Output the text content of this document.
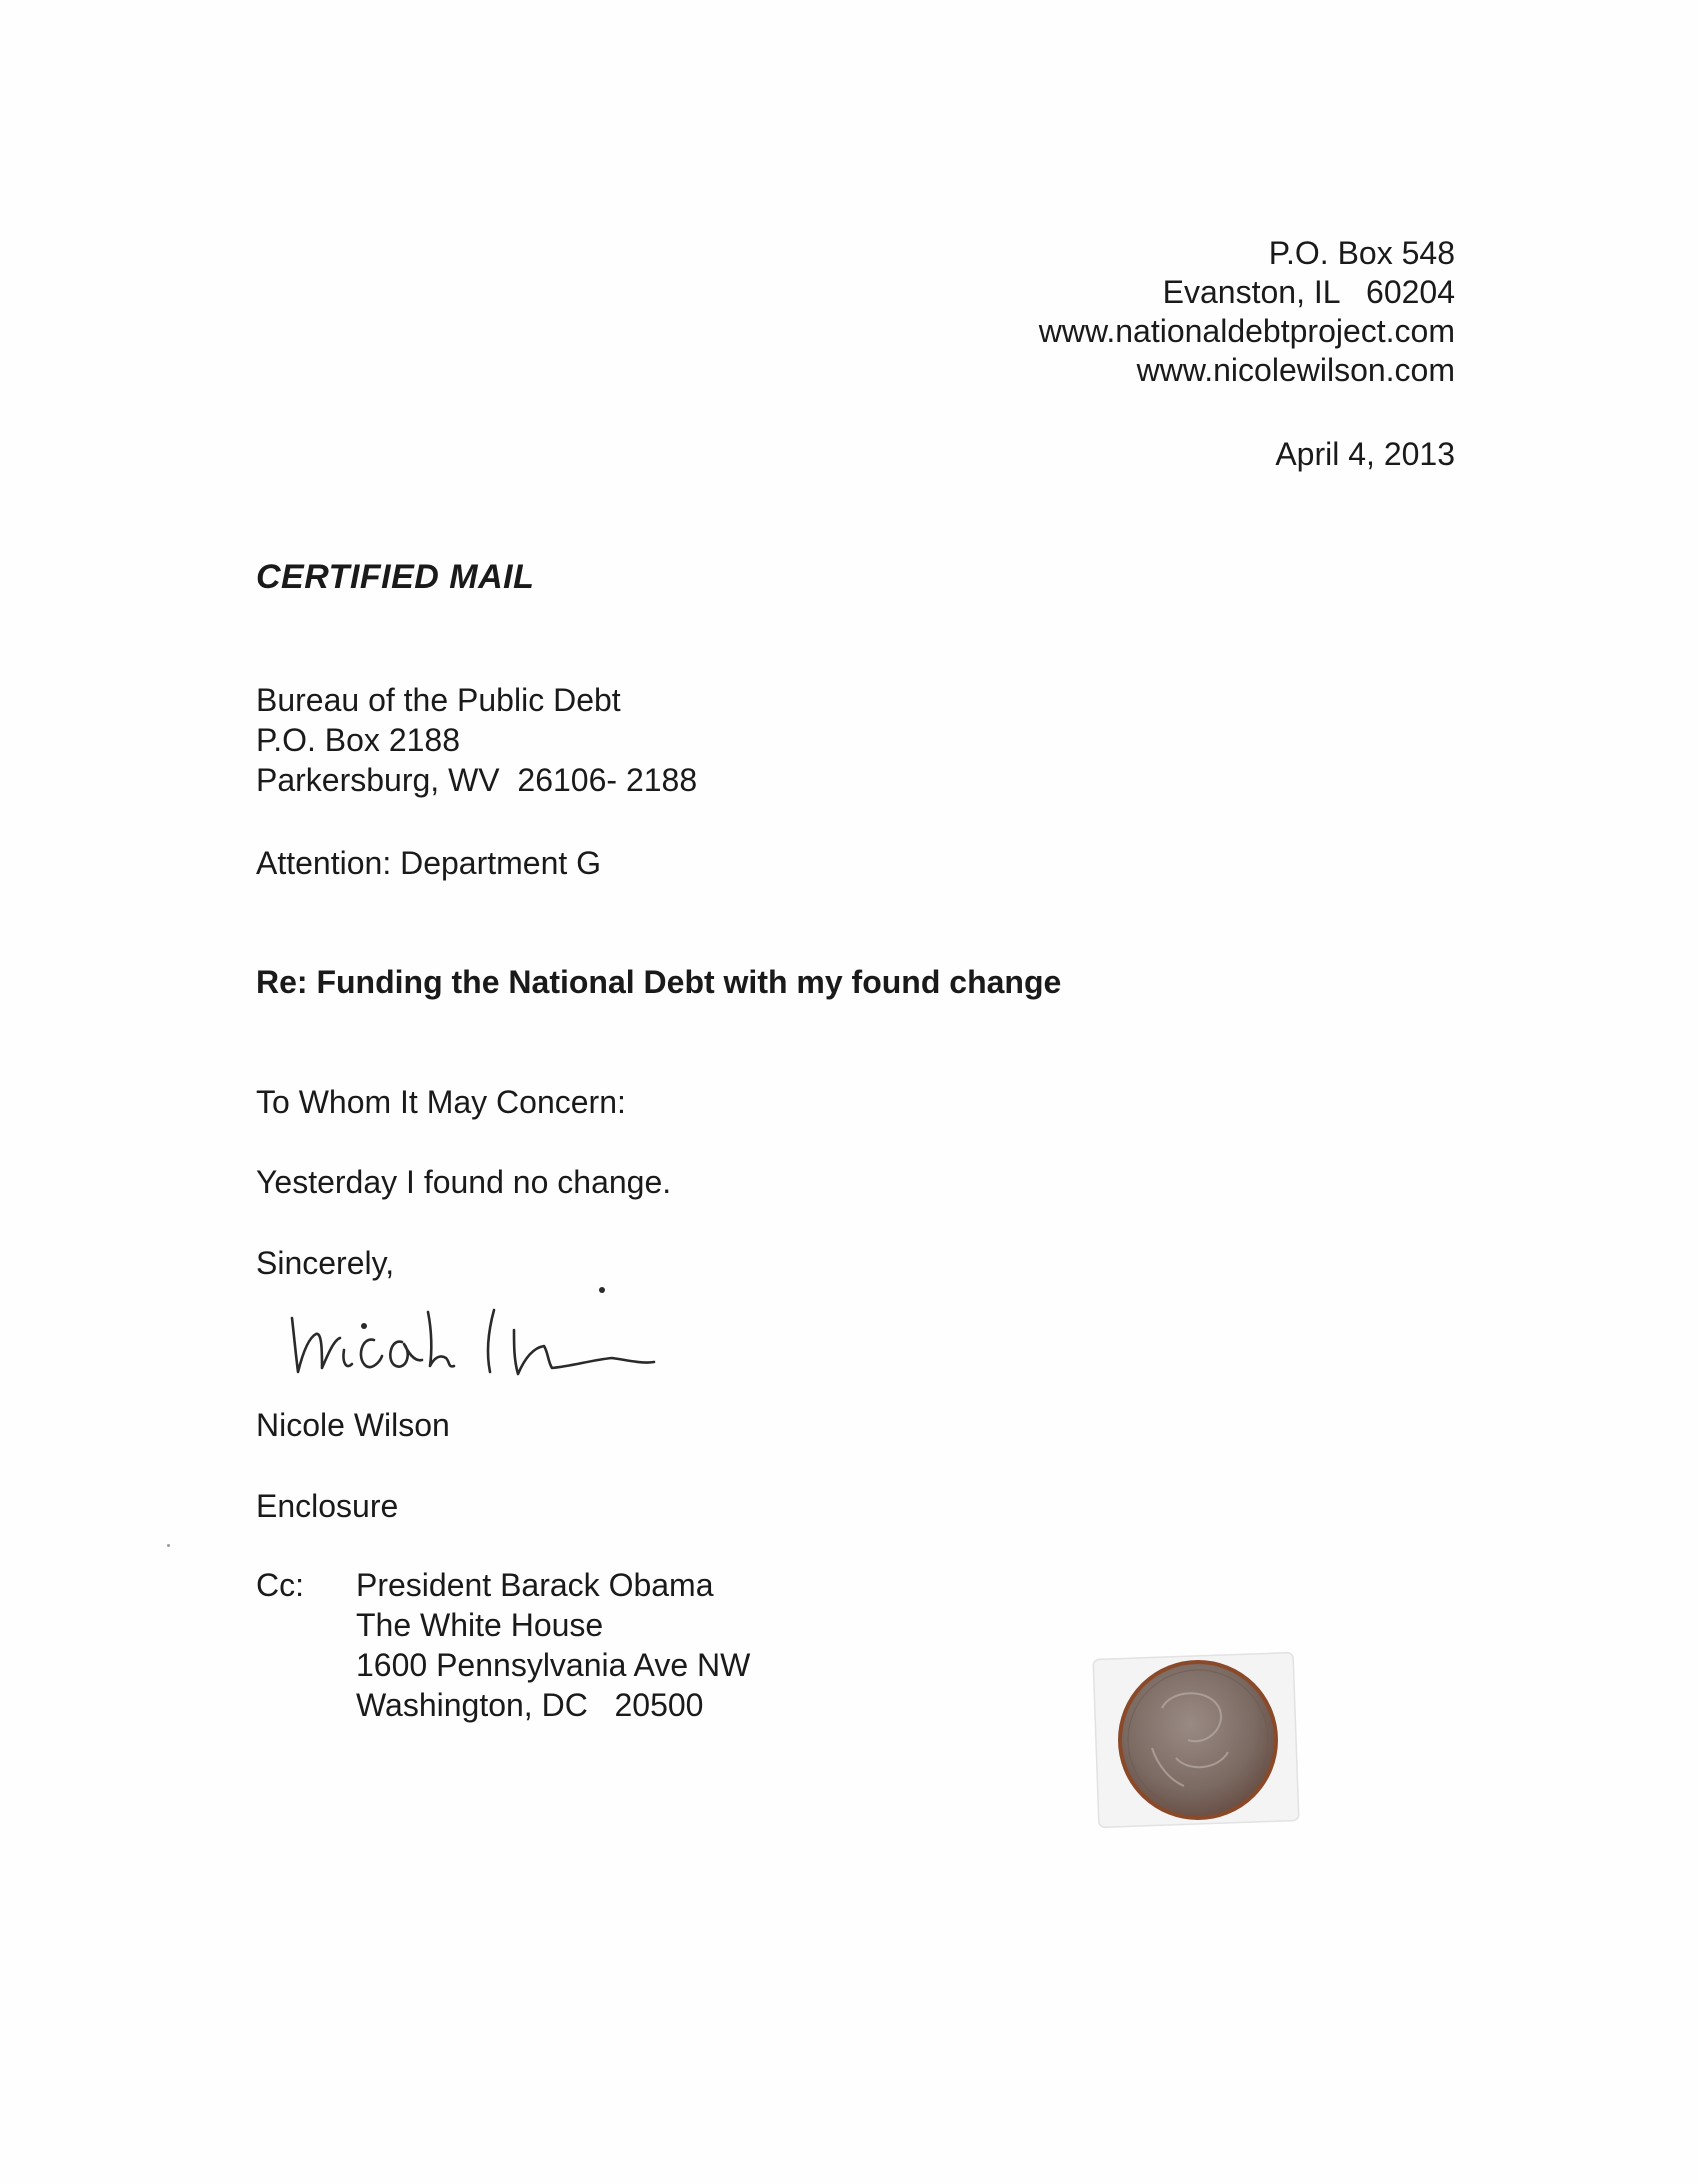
P.O. Box 548
Evanston, IL   60204
www.nationaldebtproject.com
www.nicolewilson.com
April 4, 2013
CERTIFIED MAIL
Bureau of the Public Debt
P.O. Box 2188
Parkersburg, WV  26106- 2188
Attention: Department G
Re: Funding the National Debt with my found change
To Whom It May Concern:
Yesterday I found no change.
Sincerely,
Nicole Wilson
Enclosure
Cc: President Barack Obama
The White House
1600 Pennsylvania Ave NW
Washington, DC   20500
